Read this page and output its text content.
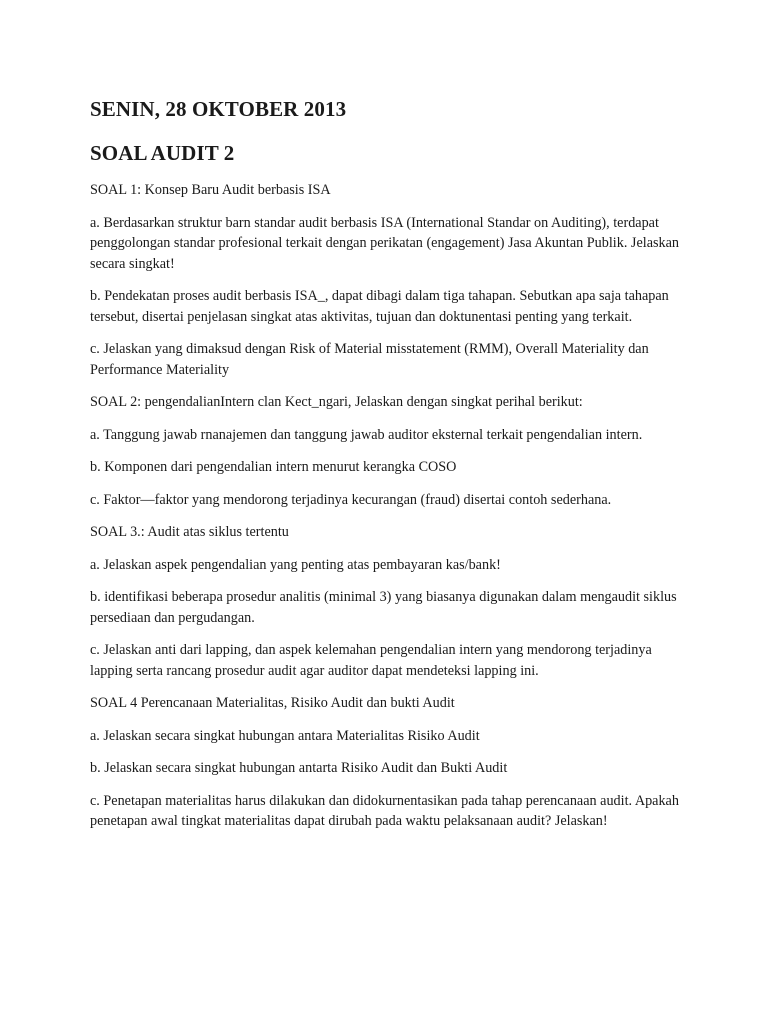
SENIN, 28 OKTOBER 2013
SOAL AUDIT 2

SOAL 1: Konsep Baru Audit berbasis ISA

a. Berdasarkan struktur barn standar audit berbasis ISA (International Standar on Auditing), terdapat penggolongan standar profesional terkait dengan perikatan (engagement) Jasa Akuntan Publik. Jelaskan secara singkat!

b. Pendekatan proses audit berbasis ISA_, dapat dibagi dalam tiga tahapan. Sebutkan apa saja tahapan tersebut, disertai penjelasan singkat atas aktivitas, tujuan dan doktunentasi penting yang terkait.

c. Jelaskan yang dimaksud dengan Risk of Material misstatement (RMM), Overall Materiality dan Performance Materiality

SOAL 2: pengendalianIntern clan Kect_ngari, Jelaskan dengan singkat perihal berikut:

a. Tanggung jawab rnanajemen dan tanggung jawab auditor eksternal terkait pengendalian intern.

b. Komponen dari pengendalian intern menurut kerangka COSO

c. Faktor—faktor yang mendorong terjadinya kecurangan (fraud) disertai contoh sederhana.

SOAL 3.: Audit atas siklus tertentu

a. Jelaskan aspek pengendalian yang penting atas pembayaran kas/bank!

b. identifikasi beberapa prosedur analitis (minimal 3) yang biasanya digunakan dalam mengaudit siklus persediaan dan pergudangan.

c. Jelaskan anti dari lapping, dan aspek kelemahan pengendalian intern yang mendorong terjadinya lapping serta rancang prosedur audit agar auditor dapat mendeteksi lapping ini.

SOAL 4 Perencanaan Materialitas, Risiko Audit dan bukti Audit

a. Jelaskan secara singkat hubungan antara Materialitas Risiko Audit

b. Jelaskan secara singkat hubungan antarta Risiko Audit dan Bukti Audit

c. Penetapan materialitas harus dilakukan dan didokurnentasikan pada tahap perencanaan audit. Apakah penetapan awal tingkat materialitas dapat dirubah pada waktu pelaksanaan audit? Jelaskan!
